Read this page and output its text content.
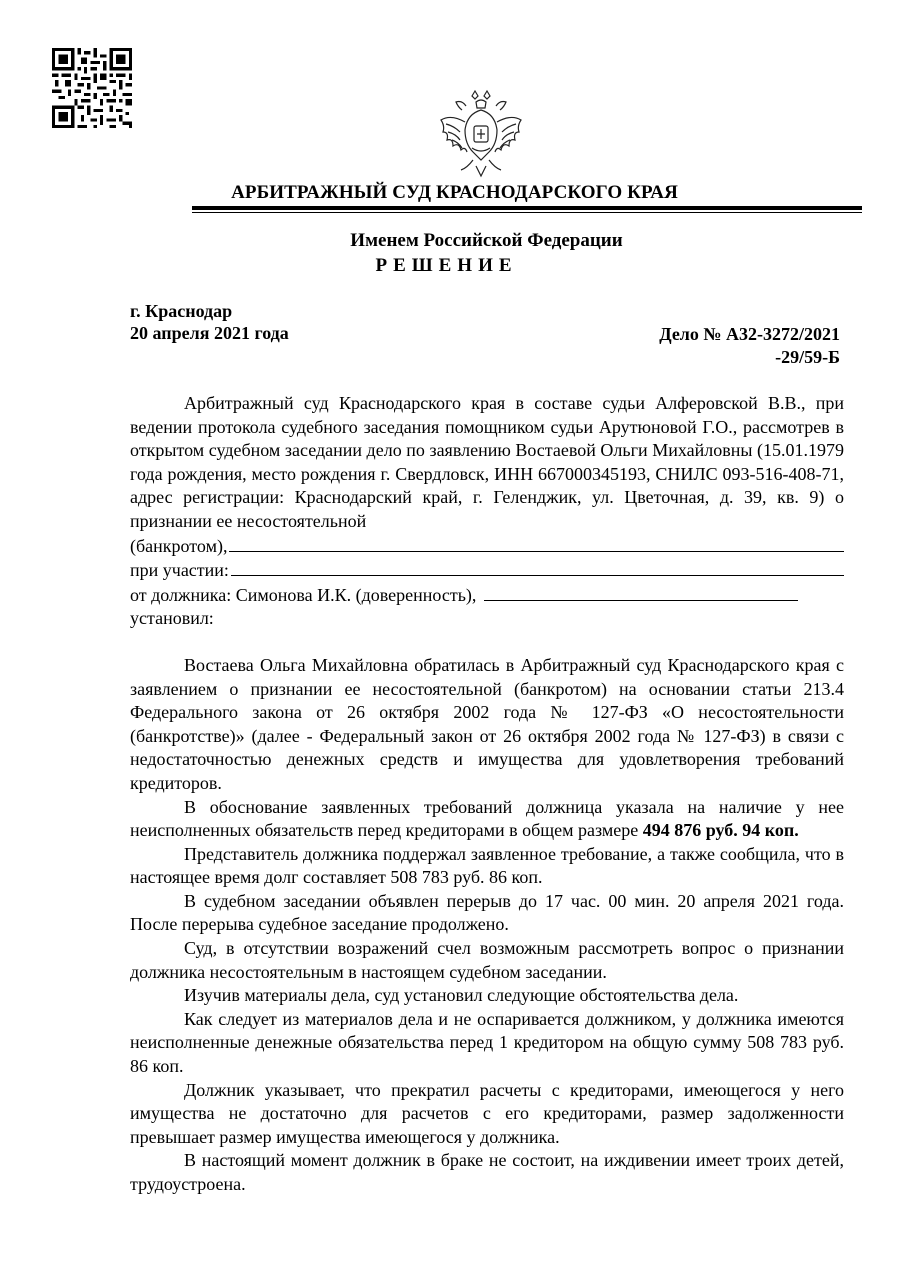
АРБИТРАЖНЫЙ СУД КРАСНОДАРСКОГО КРАЯ
Именем Российской Федерации
РЕШЕНИЕ
г. Краснодар
20 апреля 2021 года	Дело № А32-3272/2021
-29/59-Б

Арбитражный суд Краснодарского края в составе судьи Алферовской В.В., при ведении протокола судебного заседания помощником судьи Арутюновой Г.О., рассмотрев в открытом судебном заседании дело по заявлению Востаевой Ольги Михайловны (15.01.1979 года рождения, место рождения г. Свердловск, ИНН 667000345193, СНИЛС 093-516-408-71, адрес регистрации: Краснодарский край, г. Геленджик, ул. Цветочная, д. 39, кв. 9) о признании ее несостоятельной

(банкротом),
при участии:
от должника: Симонова И.К. (доверенность),

установил:

Востаева Ольга Михайловна обратилась в Арбитражный суд Краснодарского края с заявлением о признании ее несостоятельной (банкротом) на основании статьи 213.4 Федерального закона от 26 октября 2002 года № 127-ФЗ «О несостоятельности (банкротстве)» (далее - Федеральный закон от 26 октября 2002 года № 127-ФЗ) в связи с недостаточностью денежных средств и имущества для удовлетворения требований кредиторов.

В обоснование заявленных требований должница указала на наличие у нее неисполненных обязательств перед кредиторами в общем размере 494 876 руб. 94 коп.

Представитель должника поддержал заявленное требование, а также сообщила, что в настоящее время долг составляет 508 783 руб. 86 коп.

В судебном заседании объявлен перерыв до 17 час. 00 мин. 20 апреля 2021 года. После перерыва судебное заседание продолжено.

Суд, в отсутствии возражений счел возможным рассмотреть вопрос о признании должника несостоятельным в настоящем судебном заседании.

Изучив материалы дела, суд установил следующие обстоятельства дела.

Как следует из материалов дела и не оспаривается должником, у должника имеются неисполненные денежные обязательства перед 1 кредитором на общую сумму 508 783 руб. 86 коп.

Должник указывает, что прекратил расчеты с кредиторами, имеющегося у него имущества не достаточно для расчетов с его кредиторами, размер задолженности превышает размер имущества имеющегося у должника.

В настоящий момент должник в браке не состоит, на иждивении имеет троих детей, трудоустроена.
